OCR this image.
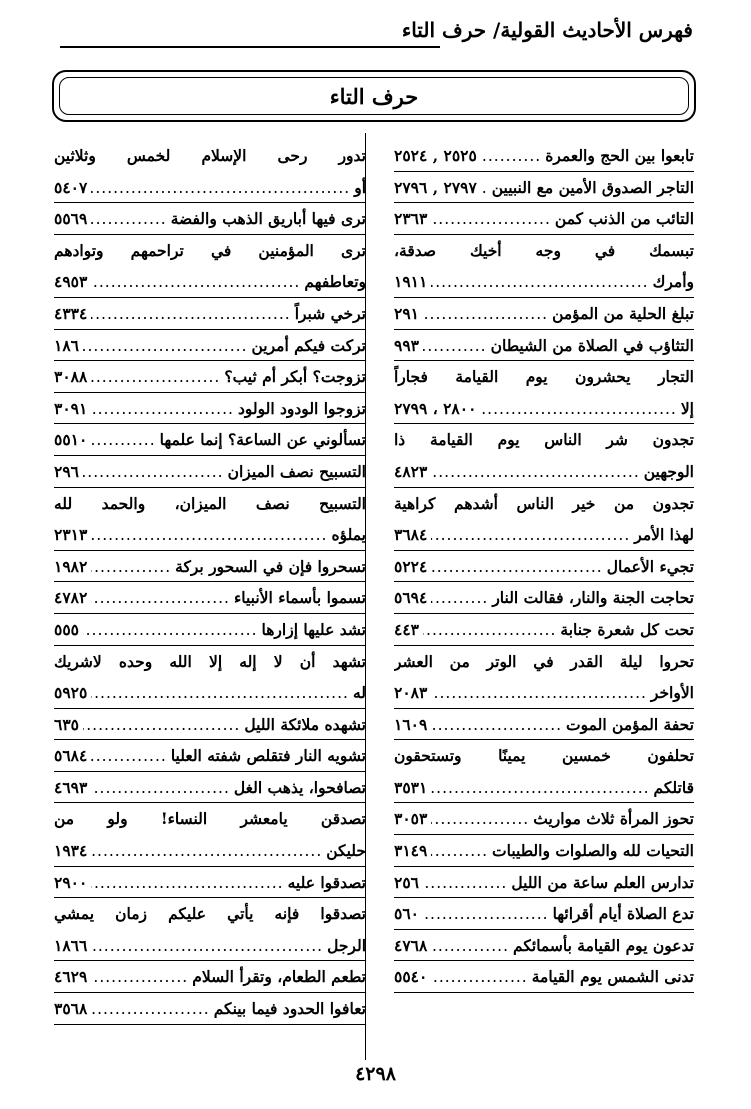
فهرس الأحاديث القولية/ حرف التاء
حرف التاء
تابعوا بين الحج والعمرة
.....
٢٥٢٥ , ٢٥٢٤
التاجر الصدوق الأمين مع النبيين
.....
٢٧٩٧ , ٢٧٩٦
التائب من الذنب كمن
.....
٢٣٦٣
تبسمك في وجه أخيك صدقة،
وأمرك
.....
١٩١١
تبلغ الحلية من المؤمن
.....
٢٩١
التثاؤب في الصلاة من الشيطان
.....
٩٩٣
التجار يحشرون يوم القيامة فجاراً
إلا
.....
٢٨٠٠ ، ٢٧٩٩
تجدون شر الناس يوم القيامة ذا
الوجهين
.....
٤٨٢٣
تجدون من خير الناس أشدهم كراهية
لهذا الأمر
.....
٣٦٨٤
تجيء الأعمال
.....
٥٢٢٤
تحاجت الجنة والنار، فقالت النار
.....
٥٦٩٤
تحت كل شعرة جنابة
.....
٤٤٣
تحروا ليلة القدر في الوتر من العشر
الأواخر
.....
٢٠٨٣
تحفة المؤمن الموت
.....
١٦٠٩
تحلفون خمسين يمينًا وتستحقون
قاتلكم
.....
٣٥٣١
تحوز المرأة ثلاث مواريث
.....
٣٠٥٣
التحيات لله والصلوات والطيبات
.....
٣١٤٩
تدارس العلم ساعة من الليل
.....
٢٥٦
تدع الصلاة أيام أقرائها
.....
٥٦٠
تدعون يوم القيامة بأسمائكم
.....
٤٧٦٨
تدنى الشمس يوم القيامة
.....
٥٥٤٠
تدور رحى الإسلام لخمس وثلاثين
أو
.....
٥٤٠٧
ترى فيها أباريق الذهب والفضة
.....
٥٥٦٩
ترى المؤمنين في تراحمهم وتوادهم
وتعاطفهم
.....
٤٩٥٣
ترخي شبراً
.....
٤٣٣٤
تركت فيكم أمرين
.....
١٨٦
تزوجت؟ أبكر أم ثيب؟
.....
٣٠٨٨
تزوجوا الودود الولود
.....
٣٠٩١
تسألوني عن الساعة؟ إنما علمها
.....
٥٥١٠
التسبيح نصف الميزان
.....
٢٩٦
التسبيح نصف الميزان، والحمد لله
يملؤه
.....
٢٣١٣
تسحروا فإن في السحور بركة
.....
١٩٨٢
تسموا بأسماء الأنبياء
.....
٤٧٨٢
تشد عليها إزارها
.....
٥٥٥
تشهد أن لا إله إلا الله وحده لاشريك
له
.....
٥٩٢٥
تشهده ملائكة الليل
.....
٦٣٥
تشويه النار فتقلص شفته العليا
.....
٥٦٨٤
تصافحوا، يذهب الغل
.....
٤٦٩٣
تصدقن يامعشر النساء! ولو من
حليكن
.....
١٩٣٤
تصدقوا عليه
.....
٢٩٠٠
تصدقوا فإنه يأتي عليكم زمان يمشي
الرجل
.....
١٨٦٦
تطعم الطعام، وتقرأ السلام
.....
٤٦٢٩
تعافوا الحدود فيما بينكم
.....
٣٥٦٨
٤٢٩٨
